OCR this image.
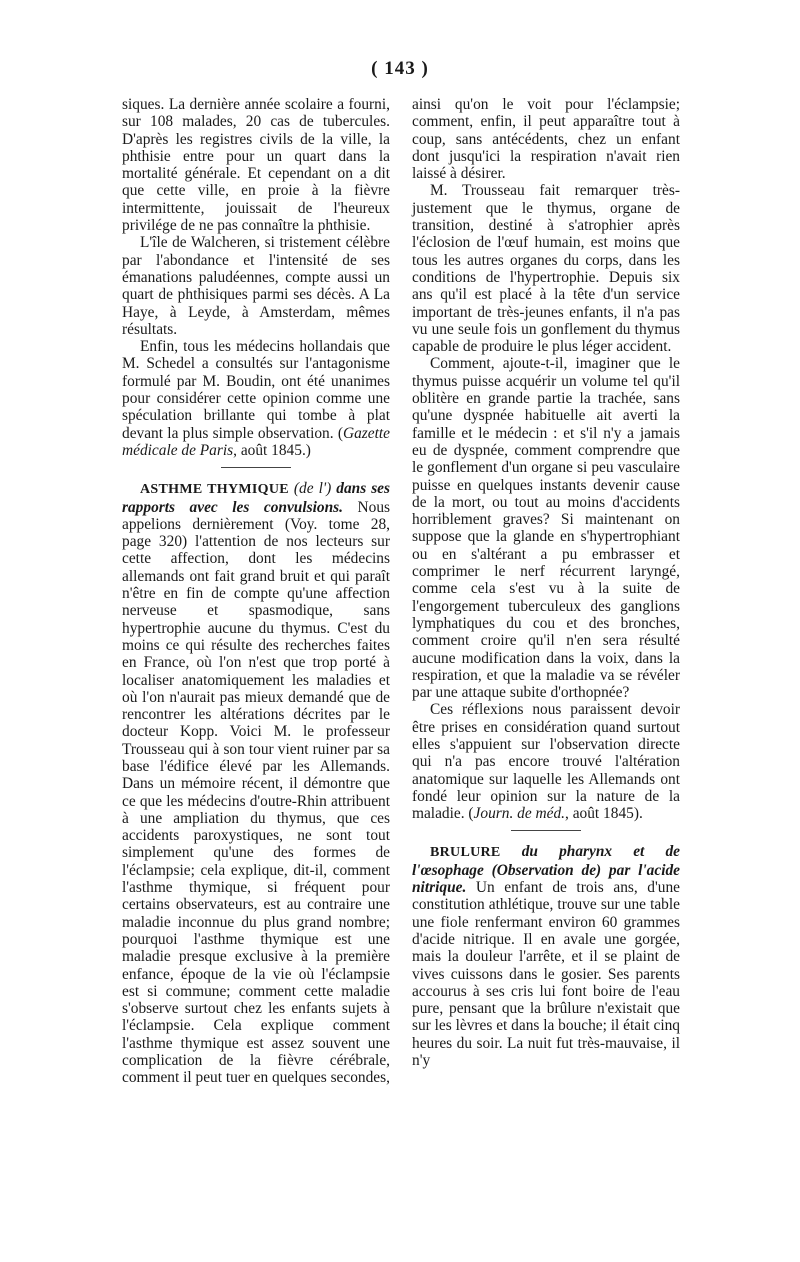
( 143 )

siques. La dernière année scolaire a fourni, sur 108 malades, 20 cas de tubercules. D'après les registres civils de la ville, la phthisie entre pour un quart dans la mortalité générale. Et cependant on a dit que cette ville, en proie à la fièvre intermittente, jouissait de l'heureux privilége de ne pas connaître la phthisie.

L'île de Walcheren, si tristement célèbre par l'abondance et l'intensité de ses émanations paludéennes, compte aussi un quart de phthisiques parmi ses décès. A La Haye, à Leyde, à Amsterdam, mêmes résultats.

Enfin, tous les médecins hollandais que M. Schedel a consultés sur l'antagonisme formulé par M. Boudin, ont été unanimes pour considérer cette opinion comme une spéculation brillante qui tombe à plat devant la plus simple observation. (Gazette médicale de Paris, août 1845.)

ASTHME THYMIQUE (de l') dans ses rapports avec les convulsions. Nous appelions dernièrement (Voy. tome 28, page 320) l'attention de nos lecteurs sur cette affection, dont les médecins allemands ont fait grand bruit et qui paraît n'être en fin de compte qu'une affection nerveuse et spasmodique, sans hypertrophie aucune du thymus. C'est du moins ce qui résulte des recherches faites en France, où l'on n'est que trop porté à localiser anatomiquement les maladies et où l'on n'aurait pas mieux demandé que de rencontrer les altérations décrites par le docteur Kopp. Voici M. le professeur Trousseau qui à son tour vient ruiner par sa base l'édifice élevé par les Allemands. Dans un mémoire récent, il démontre que ce que les médecins d'outre-Rhin attribuent à une ampliation du thymus, que ces accidents paroxystiques, ne sont tout simplement qu'une des formes de l'éclampsie; cela explique, dit-il, comment l'asthme thymique, si fréquent pour certains observateurs, est au contraire une maladie inconnue du plus grand nombre; pourquoi l'asthme thymique est une maladie presque exclusive à la première enfance, époque de la vie où l'éclampsie est si commune; comment cette maladie s'observe surtout chez les enfants sujets à l'éclampsie. Cela explique comment l'asthme thymique est assez souvent une complication de la fièvre cérébrale, comment il peut tuer en quelques secondes,

ainsi qu'on le voit pour l'éclampsie; comment, enfin, il peut apparaître tout à coup, sans antécédents, chez un enfant dont jusqu'ici la respiration n'avait rien laissé à désirer.

M. Trousseau fait remarquer très-justement que le thymus, organe de transition, destiné à s'atrophier après l'éclosion de l'œuf humain, est moins que tous les autres organes du corps, dans les conditions de l'hypertrophie. Depuis six ans qu'il est placé à la tête d'un service important de très-jeunes enfants, il n'a pas vu une seule fois un gonflement du thymus capable de produire le plus léger accident.

Comment, ajoute-t-il, imaginer que le thymus puisse acquérir un volume tel qu'il oblitère en grande partie la trachée, sans qu'une dyspnée habituelle ait averti la famille et le médecin : et s'il n'y a jamais eu de dyspnée, comment comprendre que le gonflement d'un organe si peu vasculaire puisse en quelques instants devenir cause de la mort, ou tout au moins d'accidents horriblement graves? Si maintenant on suppose que la glande en s'hypertrophiant ou en s'altérant a pu embrasser et comprimer le nerf récurrent laryngé, comme cela s'est vu à la suite de l'engorgement tuberculeux des ganglions lymphatiques du cou et des bronches, comment croire qu'il n'en sera résulté aucune modification dans la voix, dans la respiration, et que la maladie va se révéler par une attaque subite d'orthopnée?

Ces réflexions nous paraissent devoir être prises en considération quand surtout elles s'appuient sur l'observation directe qui n'a pas encore trouvé l'altération anatomique sur laquelle les Allemands ont fondé leur opinion sur la nature de la maladie. (Journ. de méd., août 1845).

BRULURE du pharynx et de l'œsophage (Observation de) par l'acide nitrique. Un enfant de trois ans, d'une constitution athlétique, trouve sur une table une fiole renfermant environ 60 grammes d'acide nitrique. Il en avale une gorgée, mais la douleur l'arrête, et il se plaint de vives cuissons dans le gosier. Ses parents accourus à ses cris lui font boire de l'eau pure, pensant que la brûlure n'existait que sur les lèvres et dans la bouche; il était cinq heures du soir. La nuit fut très-mauvaise, il n'y
